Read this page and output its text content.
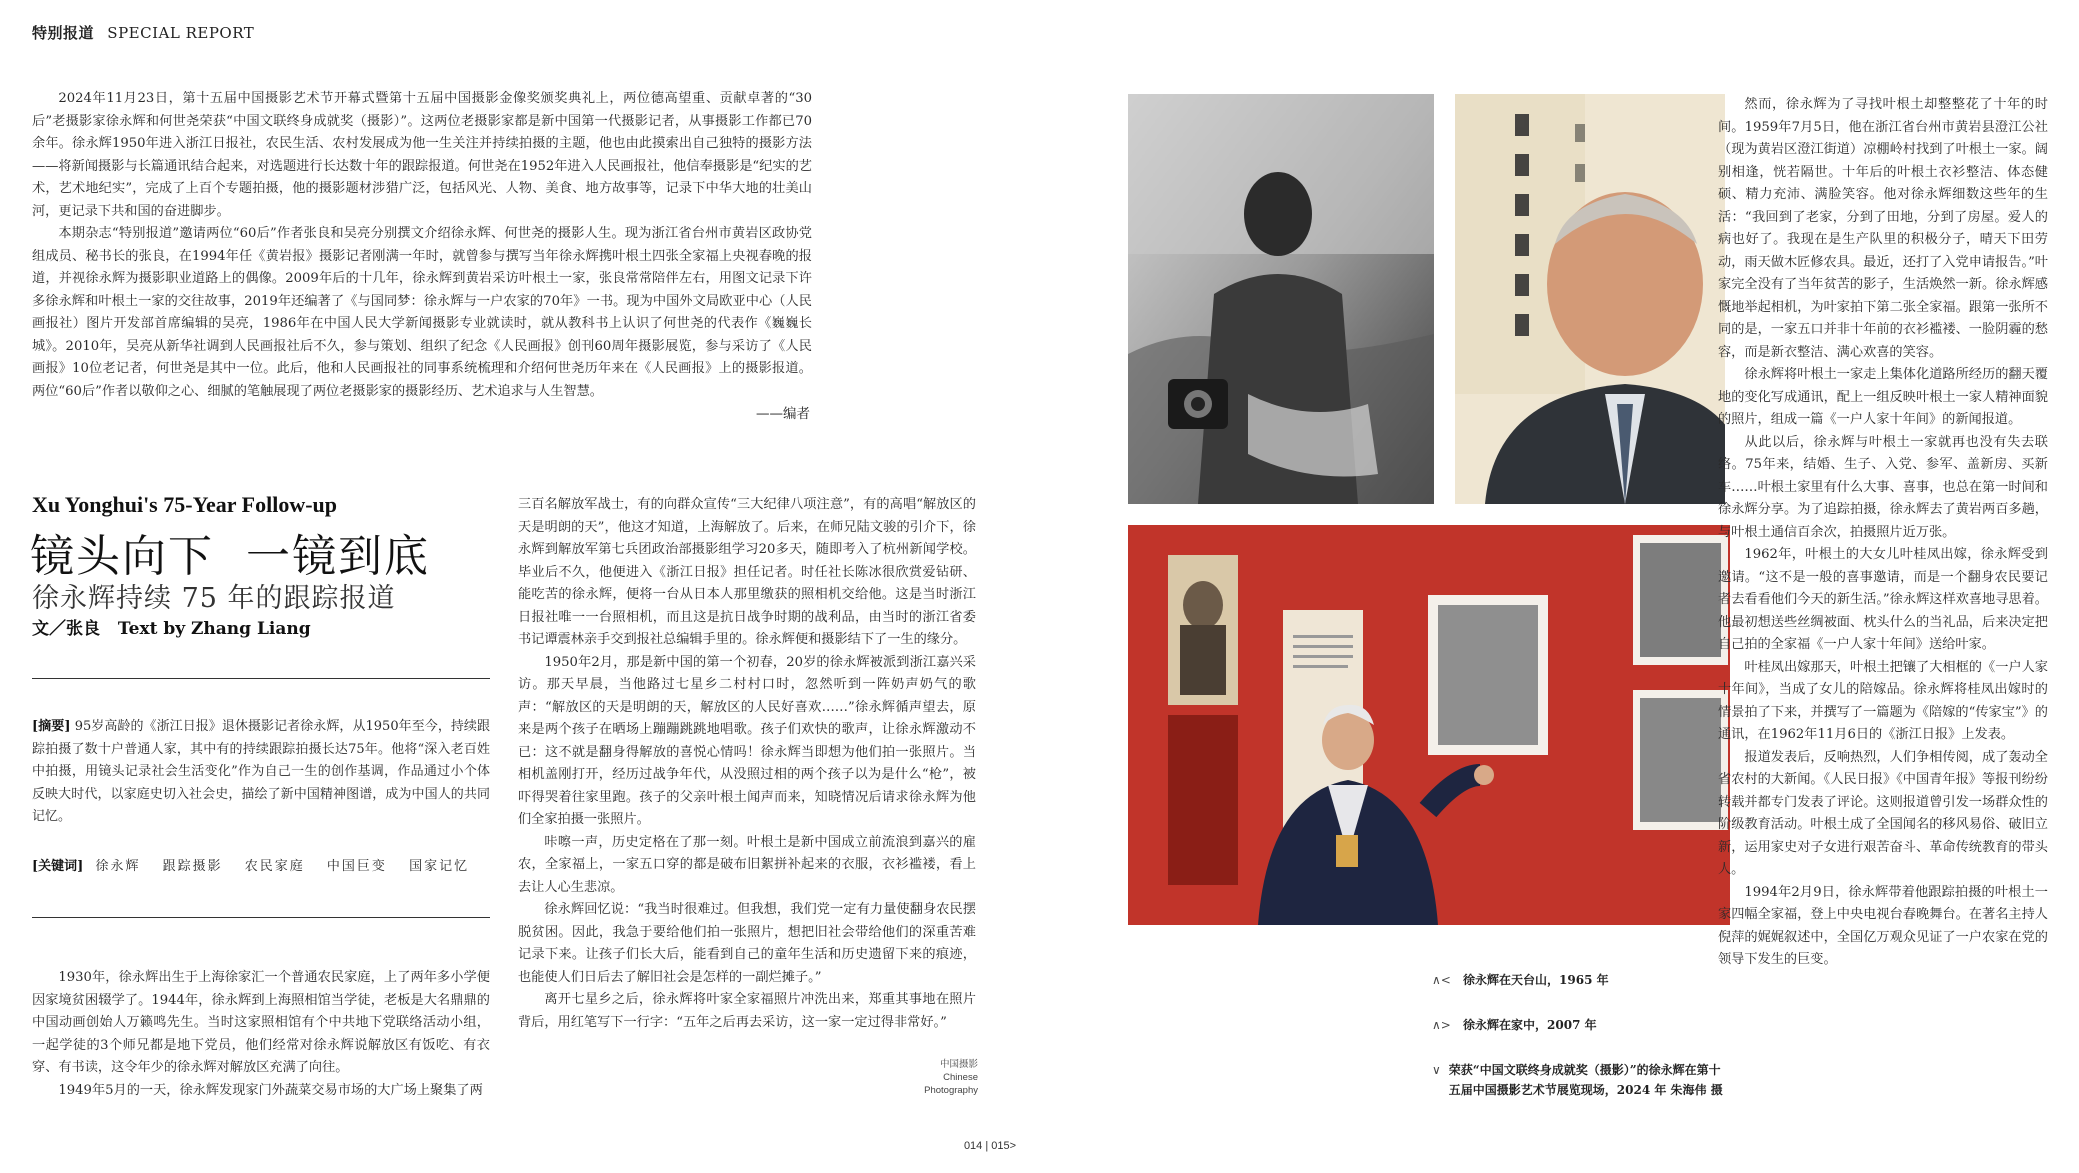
特别报道 SPECIAL REPORT

2024年11月23日，第十五届中国摄影艺术节开幕式暨第十五届中国摄影金像奖颁奖典礼上，两位德高望重、贡献卓著的“30后”老摄影家徐永辉和何世尧荣获“中国文联终身成就奖（摄影）”。这两位老摄影家都是新中国第一代摄影记者，从事摄影工作都已70余年。徐永辉1950年进入浙江日报社，农民生活、农村发展成为他一生关注并持续拍摄的主题，他也由此摸索出自己独特的摄影方法——将新闻摄影与长篇通讯结合起来，对选题进行长达数十年的跟踪报道。何世尧在1952年进入人民画报社，他信奉摄影是“纪实的艺术，艺术地纪实”，完成了上百个专题拍摄，他的摄影题材涉猎广泛，包括风光、人物、美食、地方故事等，记录下中华大地的壮美山河，更记录下共和国的奋进脚步。

本期杂志“特别报道”邀请两位“60后”作者张良和吴亮分别撰文介绍徐永辉、何世尧的摄影人生。现为浙江省台州市黄岩区政协党组成员、秘书长的张良，在1994年任《黄岩报》摄影记者刚满一年时，就曾参与撰写当年徐永辉携叶根土四张全家福上央视春晚的报道，并视徐永辉为摄影职业道路上的偶像。2009年后的十几年，徐永辉到黄岩采访叶根土一家，张良常常陪伴左右，用图文记录下许多徐永辉和叶根土一家的交往故事，2019年还编著了《与国同梦：徐永辉与一户农家的70年》一书。现为中国外文局欧亚中心（人民画报社）图片开发部首席编辑的吴亮，1986年在中国人民大学新闻摄影专业就读时，就从教科书上认识了何世尧的代表作《巍巍长城》。2010年，吴亮从新华社调到人民画报社后不久，参与策划、组织了纪念《人民画报》创刊60周年摄影展览，参与采访了《人民画报》10位老记者，何世尧是其中一位。此后，他和人民画报社的同事系统梳理和介绍何世尧历年来在《人民画报》上的摄影报道。两位“60后”作者以敬仰之心、细腻的笔触展现了两位老摄影家的摄影经历、艺术追求与人生智慧。

——编者
Xu Yonghui's 75-Year Follow-up
镜头向下  一镜到底
徐永辉持续 75 年的跟踪报道
文／张良 Text by Zhang Liang
[摘要] 95岁高龄的《浙江日报》退休摄影记者徐永辉，从1950年至今，持续跟踪拍摄了数十户普通人家，其中有的持续跟踪拍摄长达75年。他将“深入老百姓中拍摄，用镜头记录社会生活变化”作为自己一生的创作基调，作品通过小个体反映大时代，以家庭史切入社会史，描绘了新中国精神图谱，成为中国人的共同记忆。
[关键词] 徐永辉 跟踪摄影 农民家庭 中国巨变 国家记忆

1930年，徐永辉出生于上海徐家汇一个普通农民家庭，上了两年多小学便因家境贫困辍学了。1944年，徐永辉到上海照相馆当学徒，老板是大名鼎鼎的中国动画创始人万籁鸣先生。当时这家照相馆有个中共地下党联络活动小组，一起学徒的3个师兄都是地下党员，他们经常对徐永辉说解放区有饭吃、有衣穿、有书读，这令年少的徐永辉对解放区充满了向往。

1949年5月的一天，徐永辉发现家门外蔬菜交易市场的大广场上聚集了两

三百名解放军战士，有的向群众宣传“三大纪律八项注意”，有的高唱“解放区的天是明朗的天”，他这才知道，上海解放了。后来，在师兄陆文骏的引介下，徐永辉到解放军第七兵团政治部摄影组学习20多天，随即考入了杭州新闻学校。毕业后不久，他便进入《浙江日报》担任记者。时任社长陈冰很欣赏爱钻研、能吃苦的徐永辉，便将一台从日本人那里缴获的照相机交给他。这是当时浙江日报社唯一一台照相机，而且这是抗日战争时期的战利品，由当时的浙江省委书记谭震林亲手交到报社总编辑手里的。徐永辉便和摄影结下了一生的缘分。

1950年2月，那是新中国的第一个初春，20岁的徐永辉被派到浙江嘉兴采访。那天早晨，当他路过七星乡二村村口时，忽然听到一阵奶声奶气的歌声：“解放区的天是明朗的天，解放区的人民好喜欢……”徐永辉循声望去，原来是两个孩子在晒场上蹦蹦跳跳地唱歌。孩子们欢快的歌声，让徐永辉激动不已：这不就是翻身得解放的喜悦心情吗！徐永辉当即想为他们拍一张照片。当相机盖刚打开，经历过战争年代，从没照过相的两个孩子以为是什么“枪”，被吓得哭着往家里跑。孩子的父亲叶根土闻声而来，知晓情况后请求徐永辉为他们全家拍摄一张照片。

咔嚓一声，历史定格在了那一刻。叶根土是新中国成立前流浪到嘉兴的雇农，全家福上，一家五口穿的都是破布旧絮拼补起来的衣服，衣衫褴褛，看上去让人心生悲凉。

徐永辉回忆说：“我当时很难过。但我想，我们党一定有力量使翻身农民摆脱贫困。因此，我急于要给他们拍一张照片，想把旧社会带给他们的深重苦难记录下来。让孩子们长大后，能看到自己的童年生活和历史遗留下来的痕迹，也能使人们日后去了解旧社会是怎样的一副烂摊子。”

离开七星乡之后，徐永辉将叶家全家福照片冲洗出来，郑重其事地在照片背后，用红笔写下一行字：“五年之后再去采访，这一家一定过得非常好。”

中国摄影
Chinese
Photography
014 | 015>
∧< 徐永辉在天台山，1965 年
∧> 徐永辉在家中，2007 年
∨ 荣获“中国文联终身成就奖（摄影）”的徐永辉在第十五届中国摄影艺术节展览现场，2024 年 朱海伟 摄

然而，徐永辉为了寻找叶根土却整整花了十年的时间。1959年7月5日，他在浙江省台州市黄岩县澄江公社（现为黄岩区澄江街道）凉棚岭村找到了叶根土一家。阔别相逢，恍若隔世。十年后的叶根土衣衫整洁、体态健硕、精力充沛、满脸笑容。他对徐永辉细数这些年的生活：“我回到了老家，分到了田地，分到了房屋。爱人的病也好了。我现在是生产队里的积极分子，晴天下田劳动，雨天做木匠修农具。最近，还打了入党申请报告。”叶家完全没有了当年贫苦的影子，生活焕然一新。徐永辉感慨地举起相机，为叶家拍下第二张全家福。跟第一张所不同的是，一家五口并非十年前的衣衫褴褛、一脸阴霾的愁容，而是新衣整洁、满心欢喜的笑容。

徐永辉将叶根土一家走上集体化道路所经历的翻天覆地的变化写成通讯，配上一组反映叶根土一家人精神面貌的照片，组成一篇《一户人家十年间》的新闻报道。

从此以后，徐永辉与叶根土一家就再也没有失去联络。75年来，结婚、生子、入党、参军、盖新房、买新车……叶根土家里有什么大事、喜事，也总在第一时间和徐永辉分享。为了追踪拍摄，徐永辉去了黄岩两百多趟，与叶根土通信百余次，拍摄照片近万张。

1962年，叶根土的大女儿叶桂凤出嫁，徐永辉受到邀请。“这不是一般的喜事邀请，而是一个翻身农民要记者去看看他们今天的新生活。”徐永辉这样欢喜地寻思着。他最初想送些丝绸被面、枕头什么的当礼品，后来决定把自己拍的全家福《一户人家十年间》送给叶家。

叶桂凤出嫁那天，叶根土把镶了大相框的《一户人家十年间》，当成了女儿的陪嫁品。徐永辉将桂凤出嫁时的情景拍了下来，并撰写了一篇题为《陪嫁的“传家宝”》的通讯，在1962年11月6日的《浙江日报》上发表。

报道发表后，反响热烈，人们争相传阅，成了轰动全省农村的大新闻。《人民日报》《中国青年报》等报刊纷纷转载并都专门发表了评论。这则报道曾引发一场群众性的阶级教育活动。叶根土成了全国闻名的移风易俗、破旧立新，运用家史对子女进行艰苦奋斗、革命传统教育的带头人。

1994年2月9日，徐永辉带着他跟踪拍摄的叶根土一家四幅全家福，登上中央电视台春晚舞台。在著名主持人倪萍的娓娓叙述中，全国亿万观众见证了一户农家在党的领导下发生的巨变。
